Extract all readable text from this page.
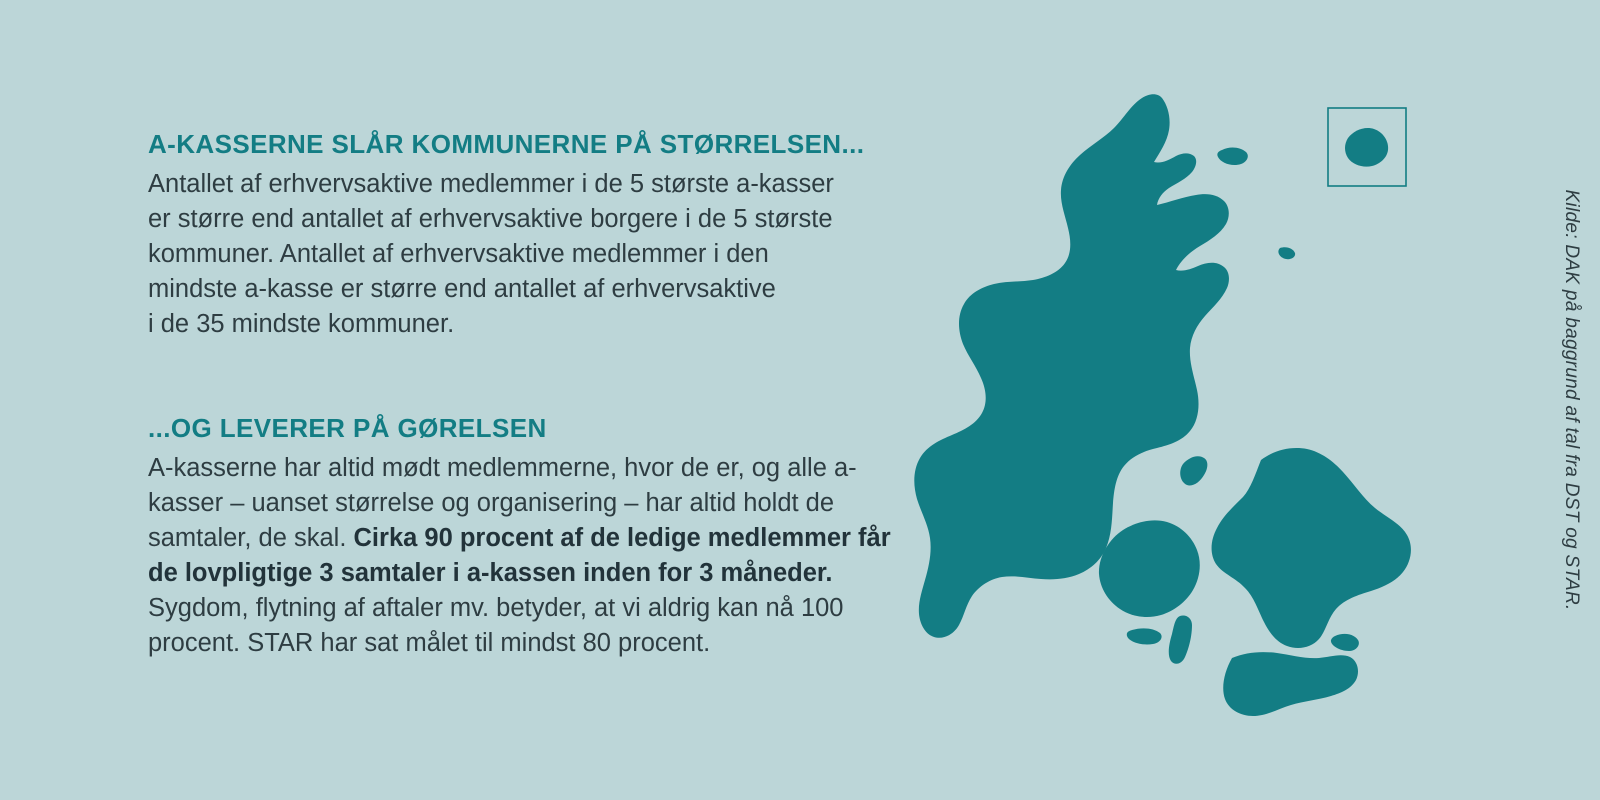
A-KASSERNE SLÅR KOMMUNERNE PÅ STØRRELSEN...

Antallet af erhvervsaktive medlemmer i de 5 største a-kasser
er større end antallet af erhvervsaktive borgere i de 5 største
kommuner. Antallet af erhvervsaktive medlemmer i den
mindste a-kasse er større end antallet af erhvervsaktive
i de 35 mindste kommuner.

...OG LEVERER PÅ GØRELSEN

A-kasserne har altid mødt medlemmerne, hvor de er, og alle a-kasser – uanset størrelse og organisering – har altid holdt de samtaler, de skal. Cirka 90 procent af de ledige medlemmer får de lovpligtige 3 samtaler i a-kassen inden for 3 måneder. Sygdom, flytning af aftaler mv. betyder, at vi aldrig kan nå 100 procent. STAR har sat målet til mindst 80 procent.

Kilde: DAK på baggrund af tal fra DST og STAR.
